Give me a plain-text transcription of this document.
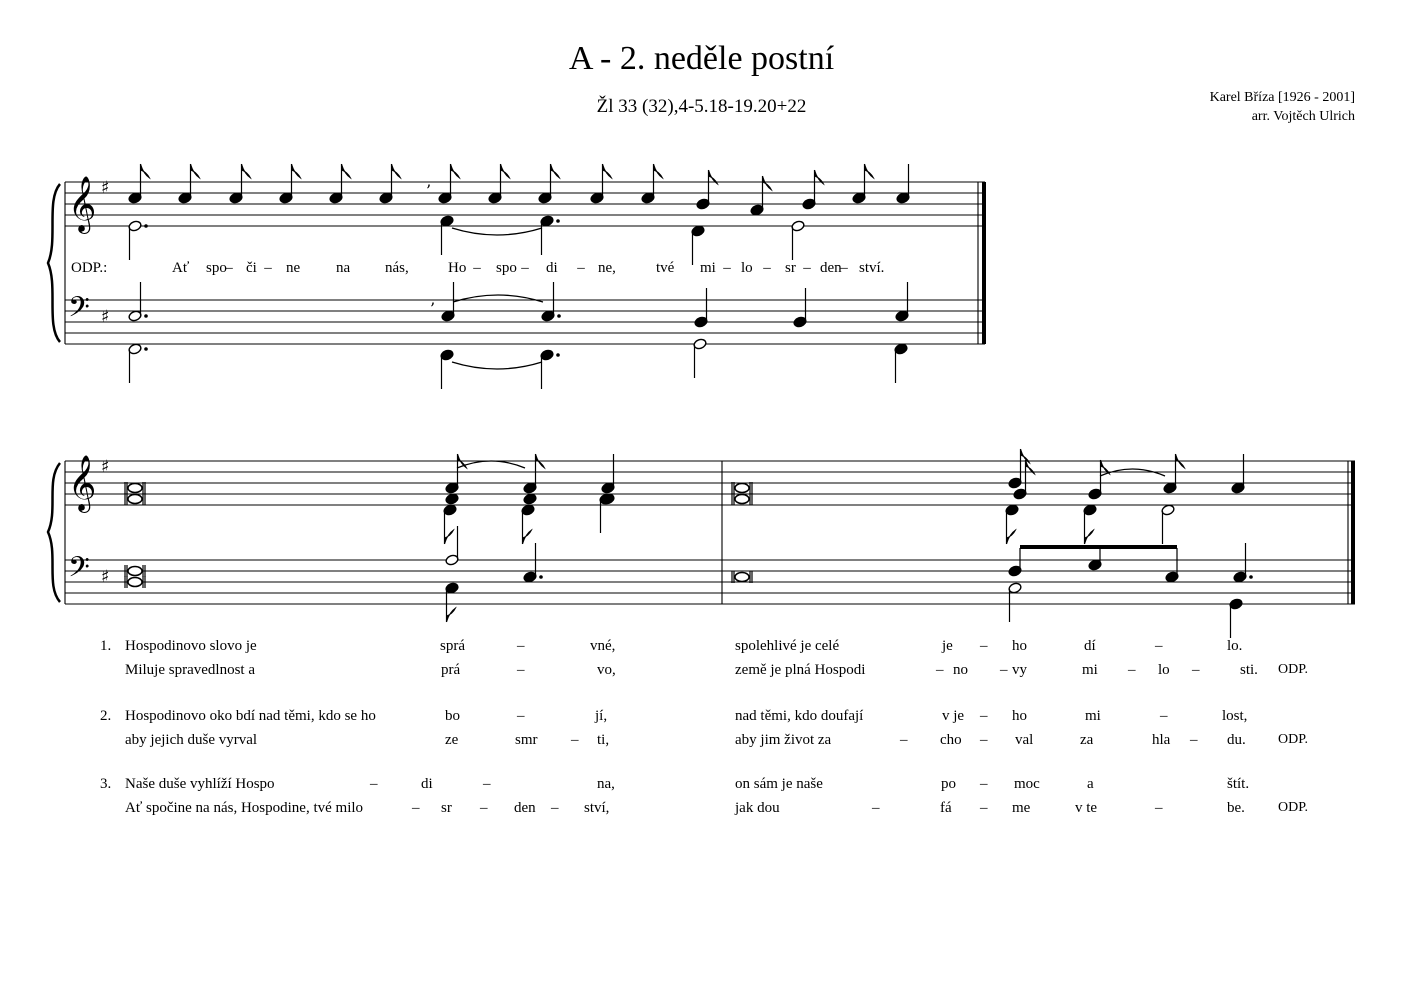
A - 2. neděle postní
Žl 33 (32),4-5.18-19.20+22	Karel Bříza [1926 - 2001]
arr. Vojtěch Ulrich
𝄞
𝄢
𝄞
𝄢
♯
♯
♯
♯
’
’
ODP.:	Ať spo
– či – ne na nás,	Ho – spo – di – ne,	tvé mi – lo – sr – den
– ství.
1. Hospodinovo slovo je	sprá	–	vné,	spolehlivé je celé	je – ho	dí	–	lo.
Miluje spravedlnost a	prá	–	vo,	země je plná Hospodi	– no – vy	mi – lo –	sti. ODP.
2. Hospodinovo oko bdí nad těmi, kdo se ho	bo	–	jí,	nad těmi, kdo doufají	v je – ho	mi	–	lost,
aby jejich duše vyrval	ze	smr – ti,	aby jim život za	– cho – val	za	hla – du. ODP.
3. Naše duše vyhlíží Hospo	–	di	–	na,	on sám je naše	po – moc	a	štít.
Ať spočine na nás, Hospodine, tvé milo	– sr – den – ství,	jak dou	–	fá – me	v te	–	be. ODP.
